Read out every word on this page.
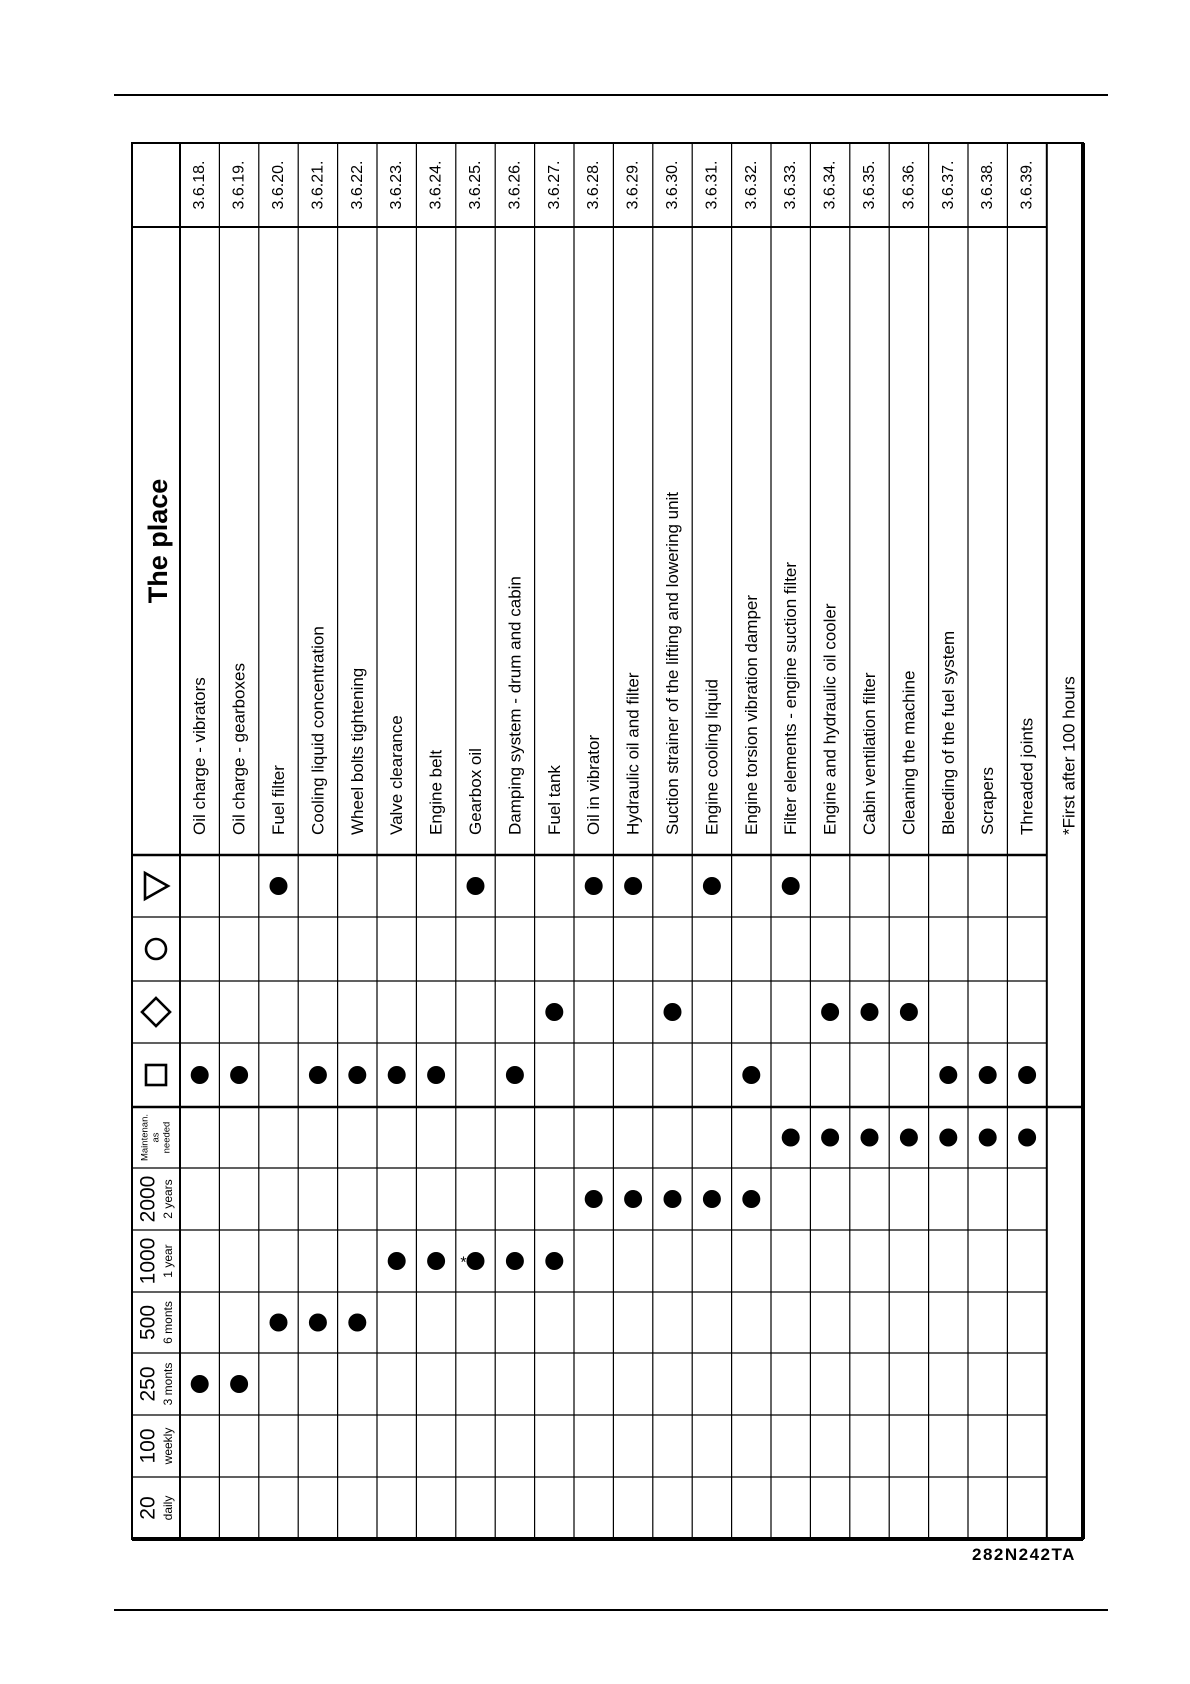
20 daily
100 weekly
250 3 monts
500 6 monts
1000 1 year
2000 2 years
Maintenan. as needed
The place
3.6.18.
Oil charge - vibrators
3.6.19.
Oil charge - gearboxes
3.6.20.
Fuel filter
3.6.21.
Cooling liquid concentration
3.6.22.
Wheel bolts tightening
3.6.23.
Valve clearance
3.6.24.
Engine belt
3.6.25.
Gearbox oil
*
3.6.26.
Damping system - drum and cabin
3.6.27.
Fuel tank
3.6.28.
Oil in vibrator
3.6.29.
Hydraulic oil and filter
3.6.30.
Suction strainer of the lifting and lowering unit
3.6.31.
Engine cooling liquid
3.6.32.
Engine torsion vibration damper
3.6.33.
Filter elements - engine suction filter
3.6.34.
Engine and hydraulic oil cooler
3.6.35.
Cabin ventilation filter
3.6.36.
Cleaning the machine
3.6.37.
Bleeding of the fuel system
3.6.38.
Scrapers
3.6.39.
Threaded joints *First after 100 hours
282N242TA
